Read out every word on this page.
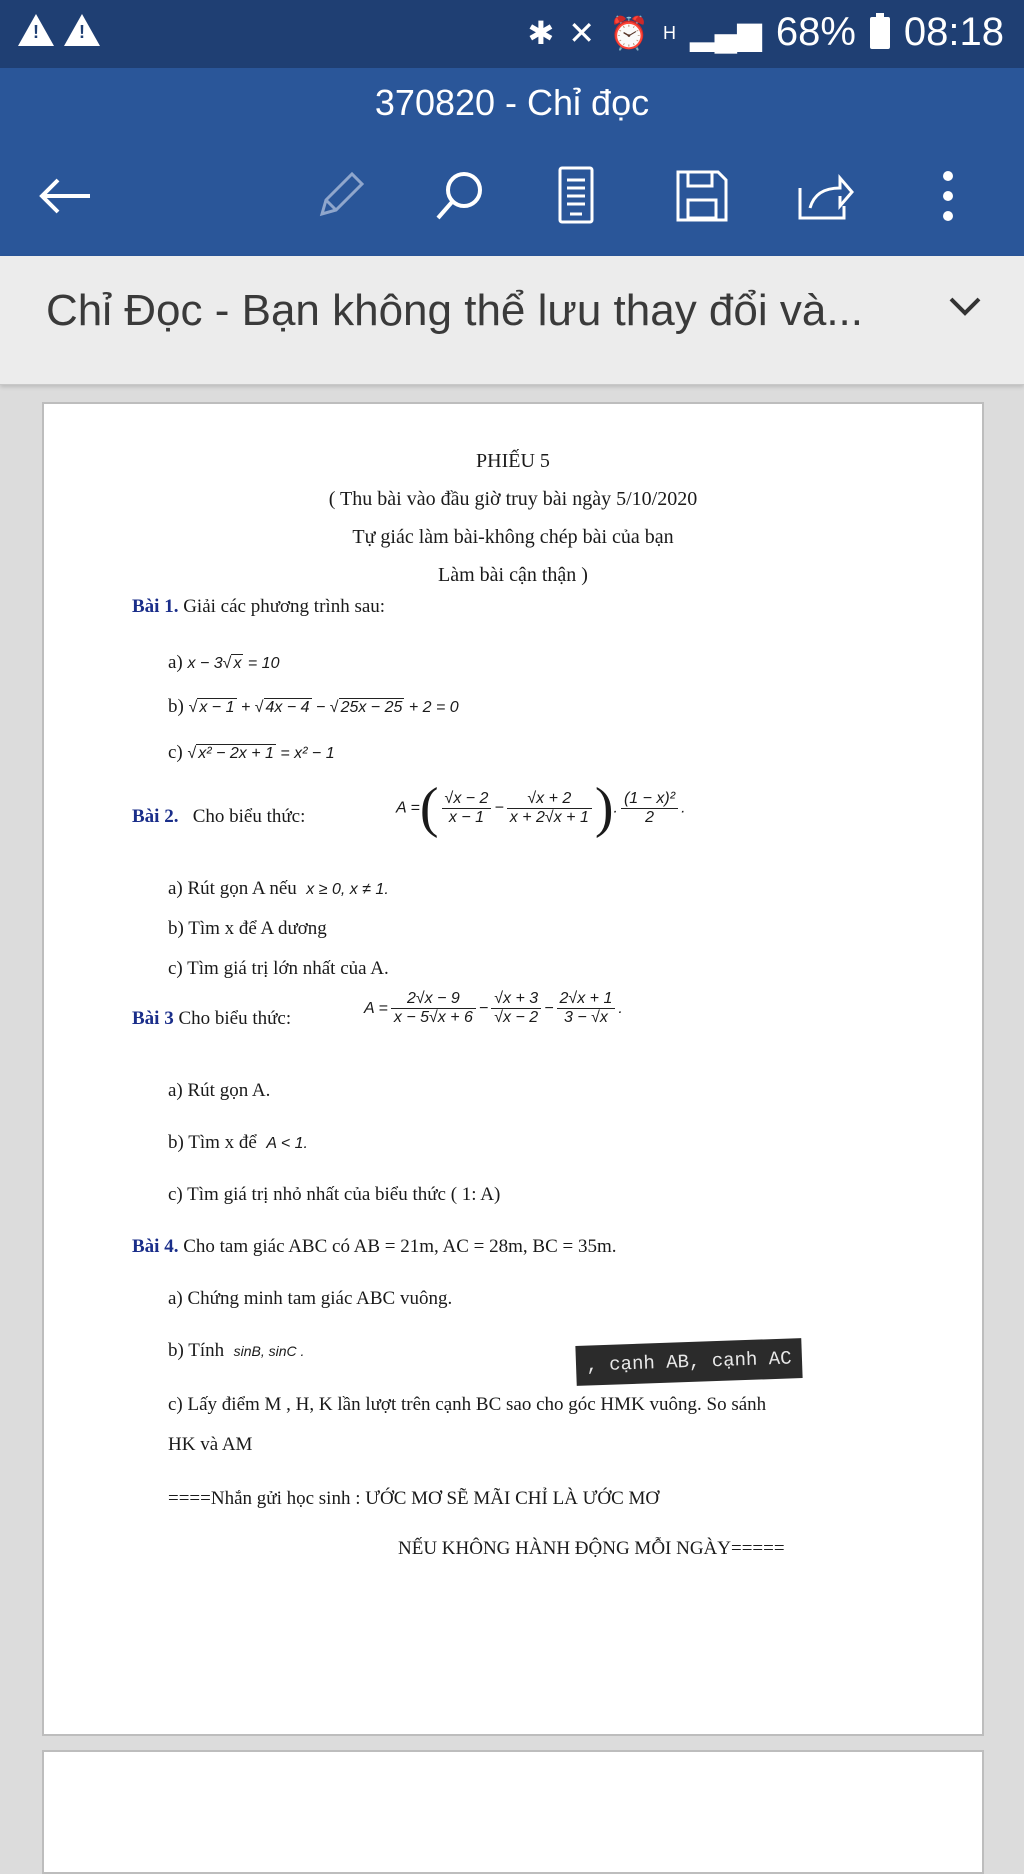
! !	✱ ✕ ⏰ H ▂▄▆ 68% 08:18
370820 - Chỉ đọc
Chỉ Đọc - Bạn không thể lưu thay đổi và...
PHIẾU 5
( Thu bài vào đầu giờ truy bài ngày 5/10/2020
Tự giác làm bài-không chép bài của bạn
Làm bài cận thận )
Bài 1. Giải các phương trình sau:
a) x − 3√ x = 10
b) √ x − 1 + √ 4x − 4 − √ 25x − 25 + 2 = 0
c) √ x² − 2x + 1 = x² − 1
Bài 2. Cho biểu thức:	A =( $\frac{√x - 2}{x - 1} - \frac{√x + 2}{x + 2√x + 1}$ ). $\frac{\text{(1 − x)²}}{2}$ .
a) Rút gọn A nếu x ≥ 0, x ≠ 1.
b) Tìm x để A dương
c) Tìm giá trị lớn nhất của A.
Bài 3 Cho biểu thức:	$A = \frac{2√x - 9}{x - 5√x + 6} - \frac{√x + 3}{√x - 2} - \frac{2√x + 1}{3 - √x}$ .
a) Rút gọn A.
b) Tìm x để A < 1.
c) Tìm giá trị nhỏ nhất của biểu thức ( 1: A)
Bài 4. Cho tam giác ABC có AB = 21m, AC = 28m, BC = 35m.
a) Chứng minh tam giác ABC vuông.
b) Tính sinB, sinC .
c) Lấy điểm M , H, K lần lượt trên cạnh BC sao cho góc HMK vuông. So sánh
HK và AM
====Nhắn gửi học sinh : ƯỚC MƠ SẼ MÃI CHỈ LÀ ƯỚC MƠ
NẾU KHÔNG HÀNH ĐỘNG MỖI NGÀY=====
, cạnh AB, cạnh AC
